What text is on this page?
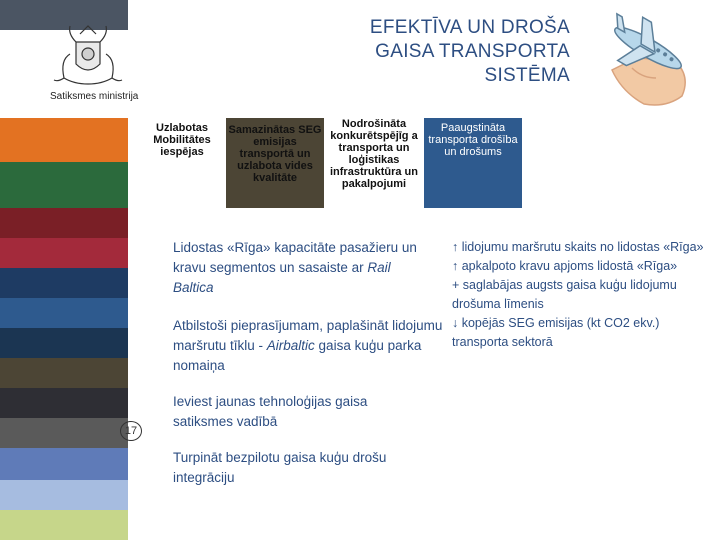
Satiksmes ministrija
EFEKTĪVA UN DROŠA
GAISA TRANSPORTA
SISTĒMA
Uzlabotas Mobilitātes iespējas
Samazinātas SEG emisijas transportā un uzlabota vides kvalitāte
Nodrošināta konkurētspējīg a transporta un loģistikas infrastruktūra un pakalpojumi
Paaugstināta transporta drošība un drošums
Lidostas «Rīga» kapacitāte pasažieru un kravu segmentos un sasaiste ar Rail Baltica
Atbilstoši pieprasījumam, paplašināt lidojumu maršrutu tīklu - Airbaltic gaisa kuģu parka nomaiņa
Ieviest jaunas tehnoloģijas gaisa satiksmes vadībā
Turpināt bezpilotu gaisa kuģu drošu integrāciju
↑ lidojumu maršrutu skaits no lidostas «Rīga»
↑ apkalpoto kravu apjoms lidostā «Rīga»
+ saglabājas augsts gaisa kuģu lidojumu drošuma līmenis
↓ kopējās SEG emisijas (kt CO2 ekv.) transporta sektorā
17
